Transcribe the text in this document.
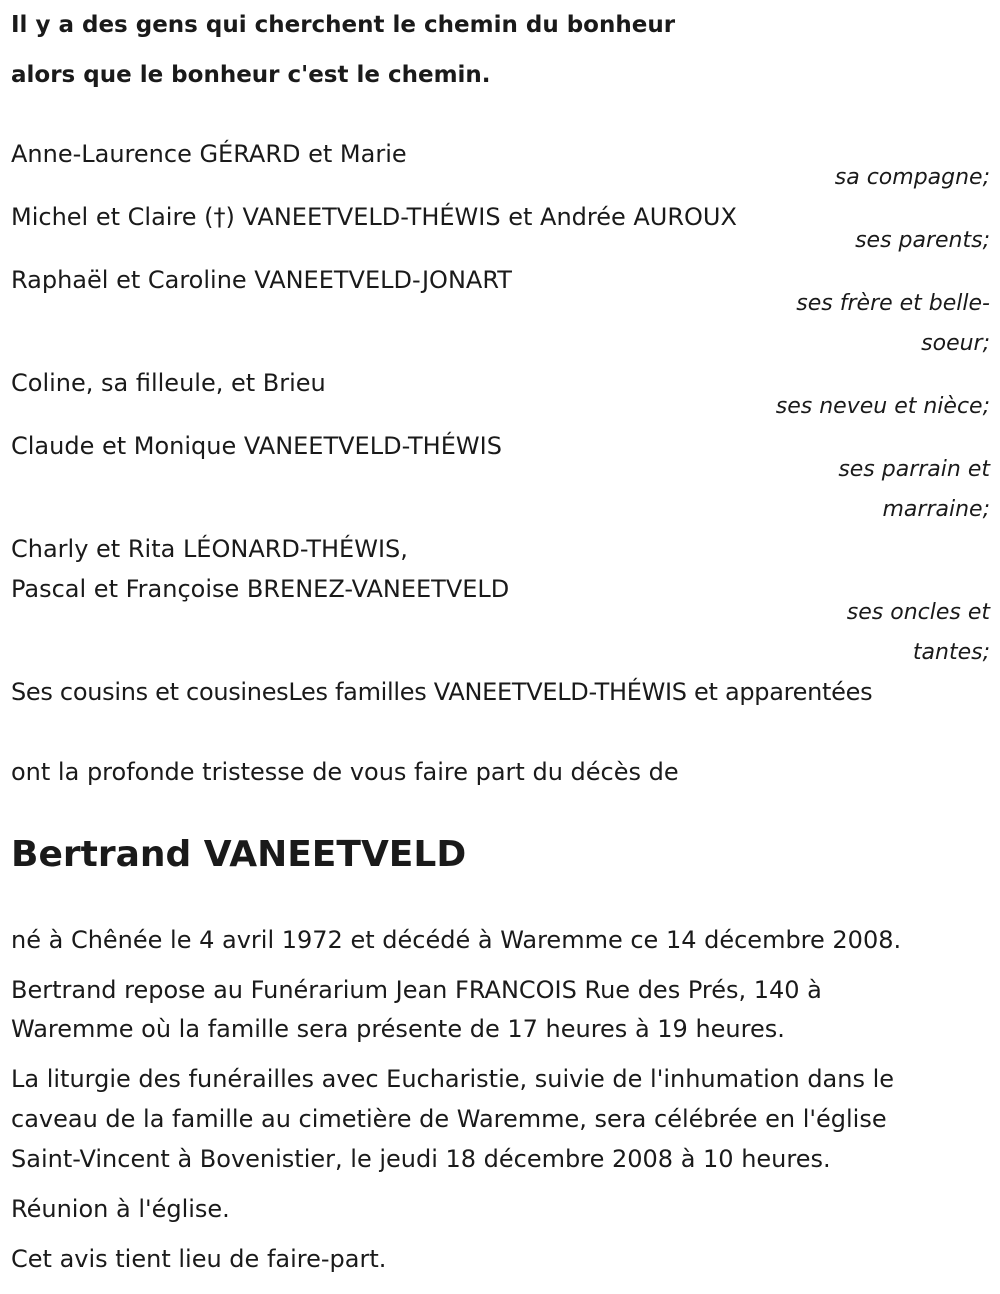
Il y a des gens qui cherchent le chemin du bonheur
alors que le bonheur c'est le chemin.
Anne-Laurence GÉRARD et Marie
sa compagne;
Michel et Claire (†) VANEETVELD-THÉWIS et Andrée AUROUX
ses parents;
Raphaël et Caroline VANEETVELD-JONART
ses frère et belle-
soeur;
Coline, sa filleule, et Brieu
ses neveu et nièce;
Claude et Monique VANEETVELD-THÉWIS
ses parrain et
marraine;
Charly et Rita LÉONARD-THÉWIS,
Pascal et Françoise BRENEZ-VANEETVELD
ses oncles et
tantes;
Ses cousins et cousinesLes familles VANEETVELD-THÉWIS et apparentées
ont la profonde tristesse de vous faire part du décès de
Bertrand VANEETVELD
né à Chênée le 4 avril 1972 et décédé à Waremme ce 14 décembre 2008.
Bertrand repose au Funérarium Jean FRANCOIS Rue des Prés, 140 à
Waremme où la famille sera présente de 17 heures à 19 heures.
La liturgie des funérailles avec Eucharistie, suivie de l'inhumation dans le
caveau de la famille au cimetière de Waremme, sera célébrée en l'église
Saint-Vincent à Bovenistier, le jeudi 18 décembre 2008 à 10 heures.
Réunion à l'église.
Cet avis tient lieu de faire-part.
